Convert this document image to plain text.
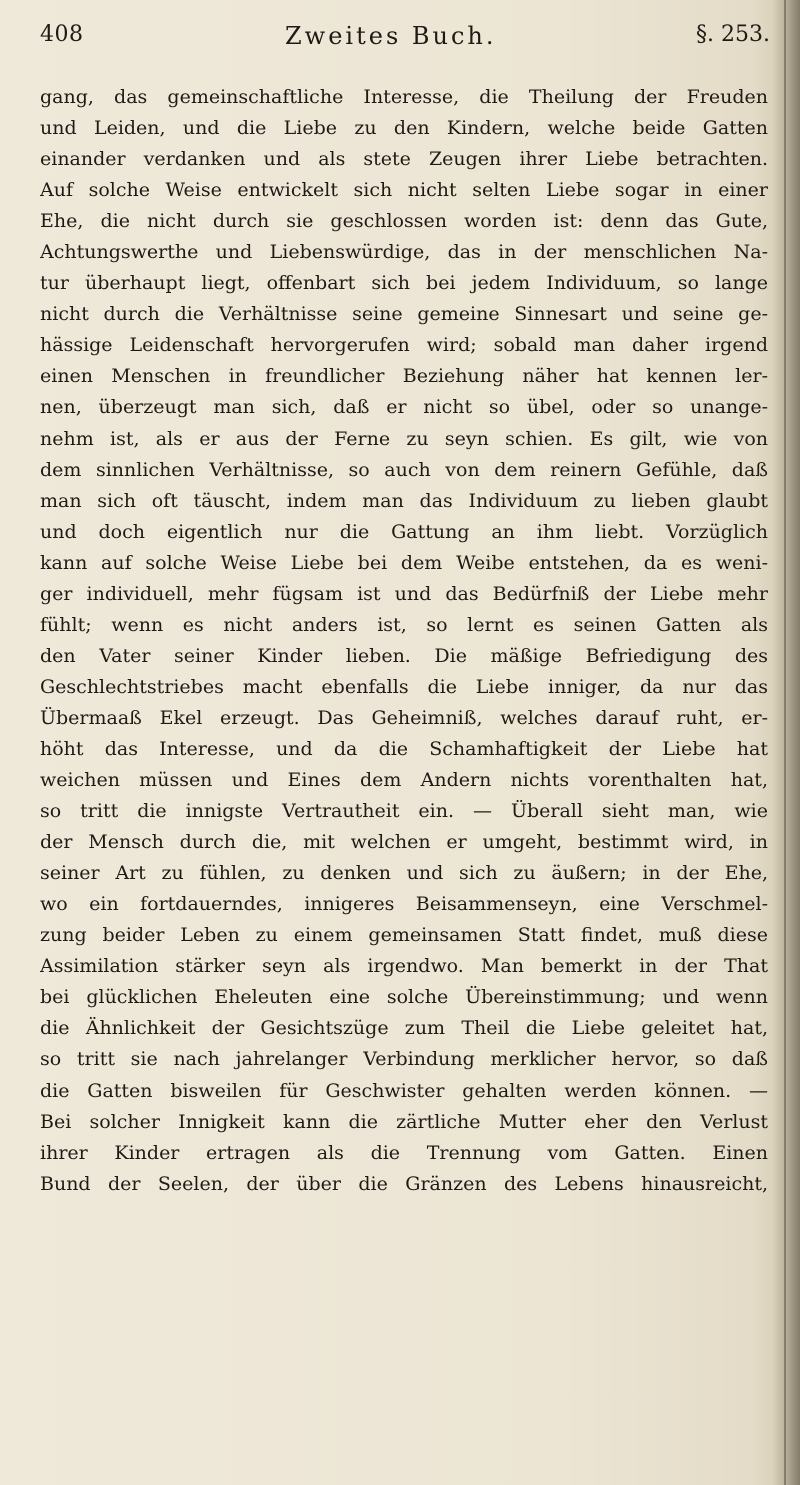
408	Zweites Buch.	§. 253.
gang, das gemeinschaftliche Interesse, die Theilung der Freuden
und Leiden, und die Liebe zu den Kindern, welche beide Gatten
einander verdanken und als stete Zeugen ihrer Liebe betrachten.
Auf solche Weise entwickelt sich nicht selten Liebe sogar in einer
Ehe, die nicht durch sie geschlossen worden ist: denn das Gute,
Achtungswerthe und Liebenswürdige, das in der menschlichen Na-
tur überhaupt liegt, offenbart sich bei jedem Individuum, so lange
nicht durch die Verhältnisse seine gemeine Sinnesart und seine ge-
hässige Leidenschaft hervorgerufen wird; sobald man daher irgend
einen Menschen in freundlicher Beziehung näher hat kennen ler-
nen, überzeugt man sich, daß er nicht so übel, oder so unange-
nehm ist, als er aus der Ferne zu seyn schien. Es gilt, wie von
dem sinnlichen Verhältnisse, so auch von dem reinern Gefühle, daß
man sich oft täuscht, indem man das Individuum zu lieben glaubt
und doch eigentlich nur die Gattung an ihm liebt. Vorzüglich
kann auf solche Weise Liebe bei dem Weibe entstehen, da es weni-
ger individuell, mehr fügsam ist und das Bedürfniß der Liebe mehr
fühlt; wenn es nicht anders ist, so lernt es seinen Gatten als
den Vater seiner Kinder lieben. Die mäßige Befriedigung des
Geschlechtstriebes macht ebenfalls die Liebe inniger, da nur das
Übermaaß Ekel erzeugt. Das Geheimniß, welches darauf ruht, er-
höht das Interesse, und da die Schamhaftigkeit der Liebe hat
weichen müssen und Eines dem Andern nichts vorenthalten hat,
so tritt die innigste Vertrautheit ein. — Überall sieht man, wie
der Mensch durch die, mit welchen er umgeht, bestimmt wird, in
seiner Art zu fühlen, zu denken und sich zu äußern; in der Ehe,
wo ein fortdauerndes, innigeres Beisammenseyn, eine Verschmel-
zung beider Leben zu einem gemeinsamen Statt findet, muß diese
Assimilation stärker seyn als irgendwo. Man bemerkt in der That
bei glücklichen Eheleuten eine solche Übereinstimmung; und wenn
die Ähnlichkeit der Gesichtszüge zum Theil die Liebe geleitet hat,
so tritt sie nach jahrelanger Verbindung merklicher hervor, so daß
die Gatten bisweilen für Geschwister gehalten werden können. —
Bei solcher Innigkeit kann die zärtliche Mutter eher den Verlust
ihrer Kinder ertragen als die Trennung vom Gatten. Einen
Bund der Seelen, der über die Gränzen des Lebens hinausreicht,
